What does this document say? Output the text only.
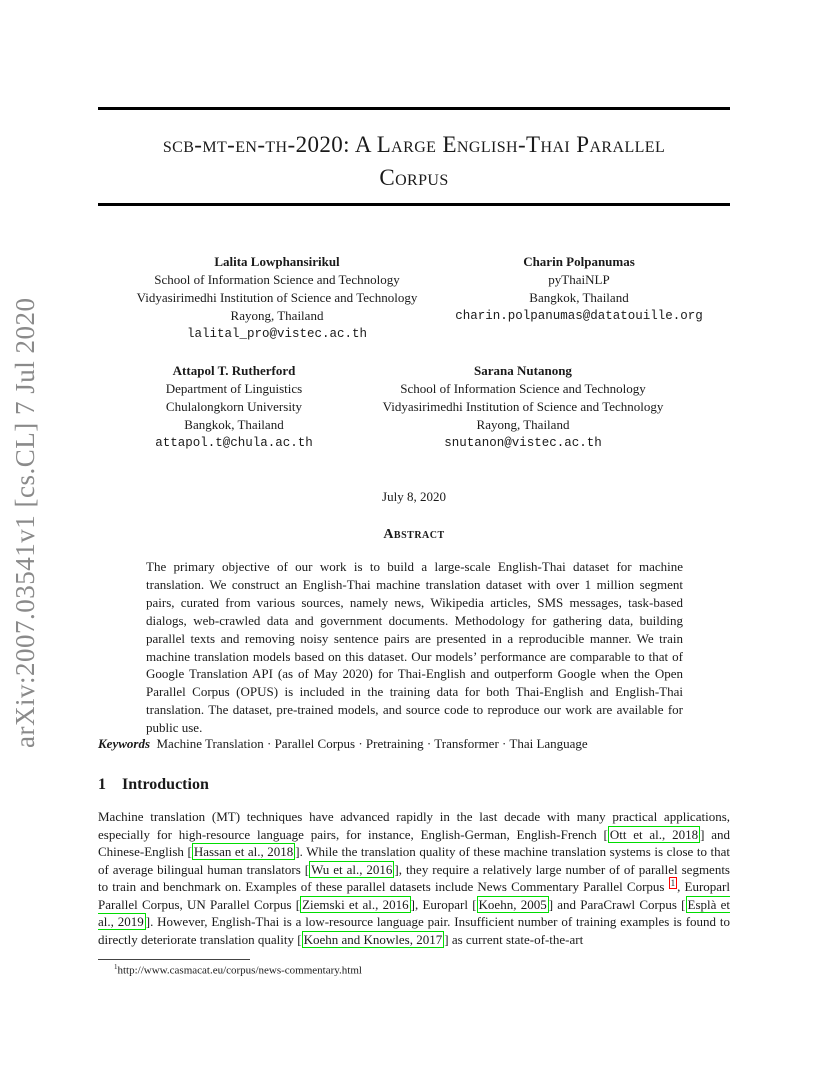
arXiv:2007.03541v1 [cs.CL] 7 Jul 2020
scb-mt-en-th-2020: A Large English-Thai Parallel
Corpus
Lalita Lowphansirikul
School of Information Science and Technology
Vidyasirimedhi Institution of Science and Technology
Rayong, Thailand
lalital_pro@vistec.ac.th
Charin Polpanumas
pyThaiNLP
Bangkok, Thailand
charin.polpanumas@datatouille.org
Attapol T. Rutherford
Department of Linguistics
Chulalongkorn University
Bangkok, Thailand
attapol.t@chula.ac.th
Sarana Nutanong
School of Information Science and Technology
Vidyasirimedhi Institution of Science and Technology
Rayong, Thailand
snutanon@vistec.ac.th
July 8, 2020
Abstract
The primary objective of our work is to build a large-scale English-Thai dataset for machine translation. We construct an English-Thai machine translation dataset with over 1 million segment pairs, curated from various sources, namely news, Wikipedia articles, SMS messages, task-based dialogs, web-crawled data and government documents. Methodology for gathering data, building parallel texts and removing noisy sentence pairs are presented in a reproducible manner. We train machine translation models based on this dataset. Our models’ performance are comparable to that of Google Translation API (as of May 2020) for Thai-English and outperform Google when the Open Parallel Corpus (OPUS) is included in the training data for both Thai-English and English-Thai translation. The dataset, pre-trained models, and source code to reproduce our work are available for public use.
Keywords Machine Translation · Parallel Corpus · Pretraining · Transformer · Thai Language
1 Introduction
Machine translation (MT) techniques have advanced rapidly in the last decade with many practical applications, especially for high-resource language pairs, for instance, English-German, English-French [ Ott et al., 2018 ] and Chinese-English [ Hassan et al., 2018 ]. While the translation quality of these machine translation systems is close to that of average bilingual human translators [ Wu et al., 2016 ], they require a relatively large number of of parallel segments to train and benchmark on. Examples of these parallel datasets include News Commentary Parallel Corpus $^1$ , Europarl Parallel Corpus, UN Parallel Corpus [ Ziemski et al., 2016 ], Europarl [ Koehn, 2005 ] and ParaCrawl Corpus [ Esplà et al., 2019 ]. However, English-Thai is a low-resource language pair. Insufficient number of training examples is found to directly deteriorate translation quality [ Koehn and Knowles, 2017 ] as current state-of-the-art
$^1$http://www.casmacat.eu/corpus/news-commentary.html
